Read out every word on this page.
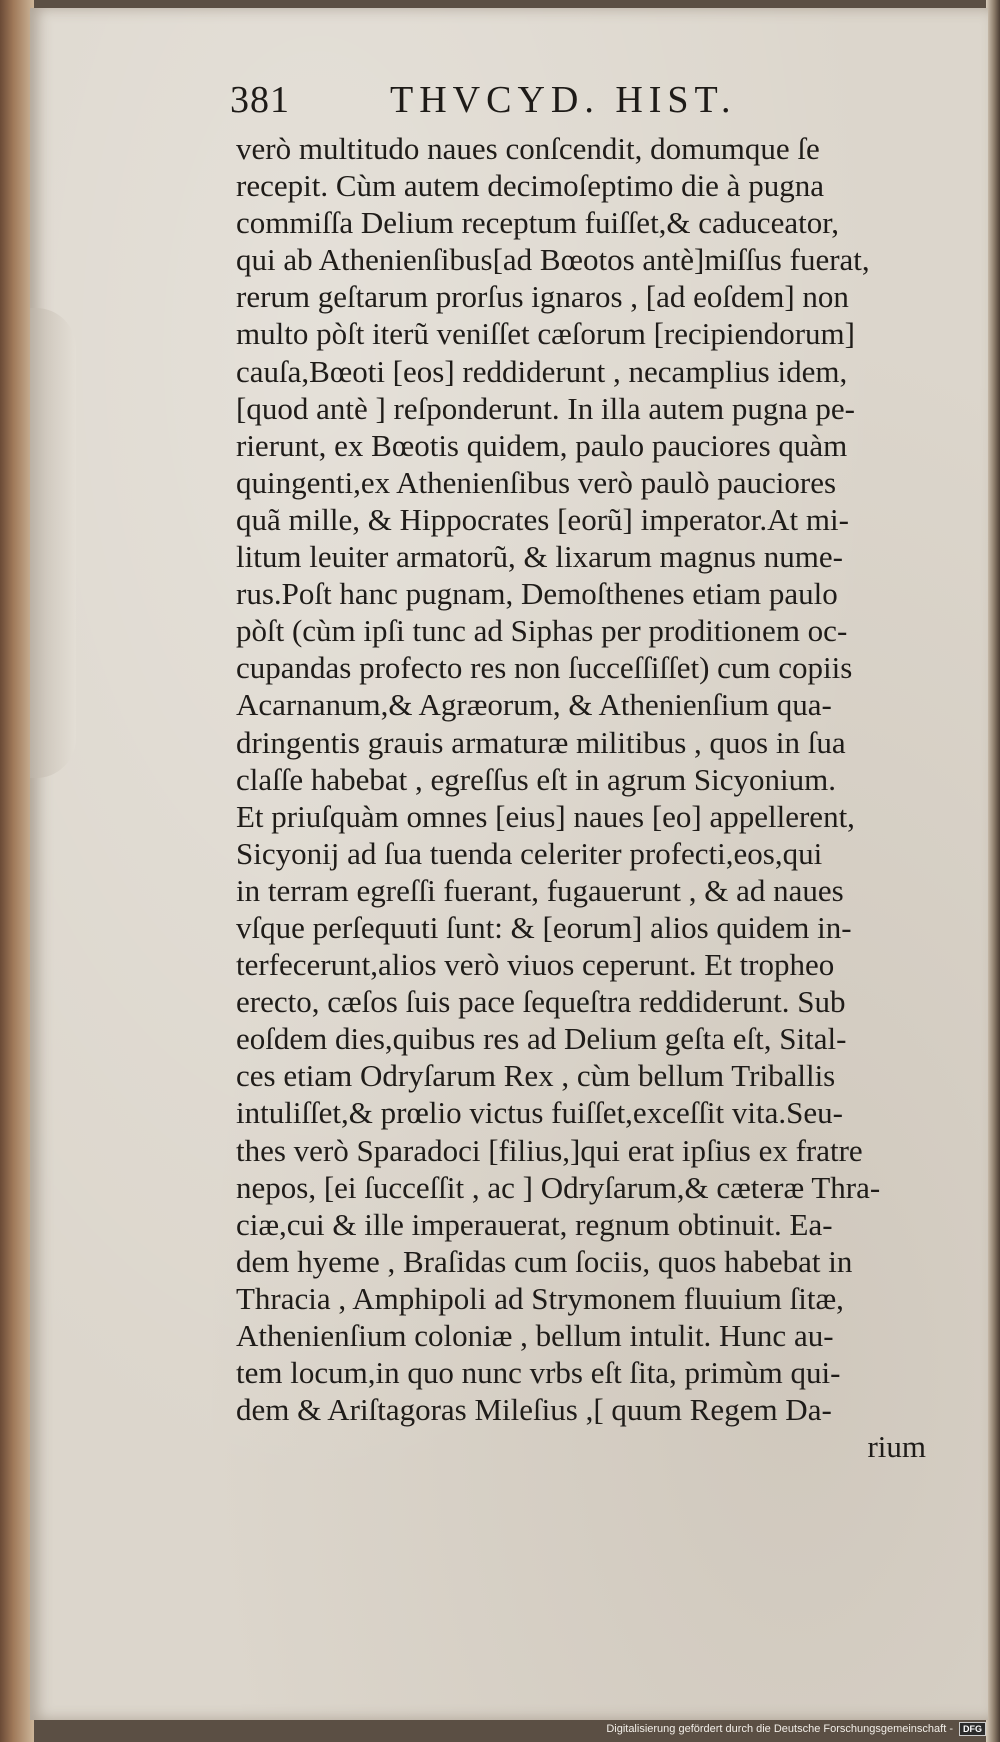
381	THVCYD. HIST.
verò multitudo naues conſcendit, domumque ſe
recepit. Cùm autem decimoſeptimo die à pugna
commiſſa Delium receptum fuiſſet,& caduceator,
qui ab Athenienſibus[ad Bœotos antè]miſſus fuerat,
rerum geſtarum prorſus ignaros , [ad eoſdem] non
multo pòſt iterũ veniſſet cæſorum [recipiendorum]
cauſa,Bœoti [eos] reddiderunt , necamplius idem,
[quod antè ] reſponderunt. In illa autem pugna pe-
rierunt, ex Bœotis quidem, paulo pauciores quàm
quingenti,ex Athenienſibus verò paulò pauciores
quã mille, & Hippocrates [eorũ] imperator.At mi-
litum leuiter armatorũ, & lixarum magnus nume-
rus.Poſt hanc pugnam, Demoſthenes etiam paulo
pòſt (cùm ipſi tunc ad Siphas per proditionem oc-
cupandas profecto res non ſucceſſiſſet) cum copiis
Acarnanum,& Agræorum, & Athenienſium qua-
dringentis grauis armaturæ militibus , quos in ſua
claſſe habebat , egreſſus eſt in agrum Sicyonium.
Et priuſquàm omnes [eius] naues [eo] appellerent,
Sicyonij ad ſua tuenda celeriter profecti,eos,qui
in terram egreſſi fuerant, fugauerunt , & ad naues
vſque perſequuti ſunt: & [eorum] alios quidem in-
terfecerunt,alios verò viuos ceperunt. Et tropheo
erecto, cæſos ſuis pace ſequeſtra reddiderunt. Sub
eoſdem dies,quibus res ad Delium geſta eſt, Sital-
ces etiam Odryſarum Rex , cùm bellum Triballis
intuliſſet,& prœlio victus fuiſſet,exceſſit vita.Seu-
thes verò Sparadoci [filius,]qui erat ipſius ex fratre
nepos, [ei ſucceſſit , ac ] Odryſarum,& cæteræ Thra-
ciæ,cui & ille imperauerat, regnum obtinuit. Ea-
dem hyeme , Braſidas cum ſociis, quos habebat in
Thracia , Amphipoli ad Strymonem fluuium ſitæ,
Athenienſium coloniæ , bellum intulit. Hunc au-
tem locum,in quo nunc vrbs eſt ſita, primùm qui-
dem & Ariſtagoras Mileſius ,[ quum Regem Da-
rium
Digitalisierung gefördert durch die Deutsche Forschungsgemeinschaft -	DFG
